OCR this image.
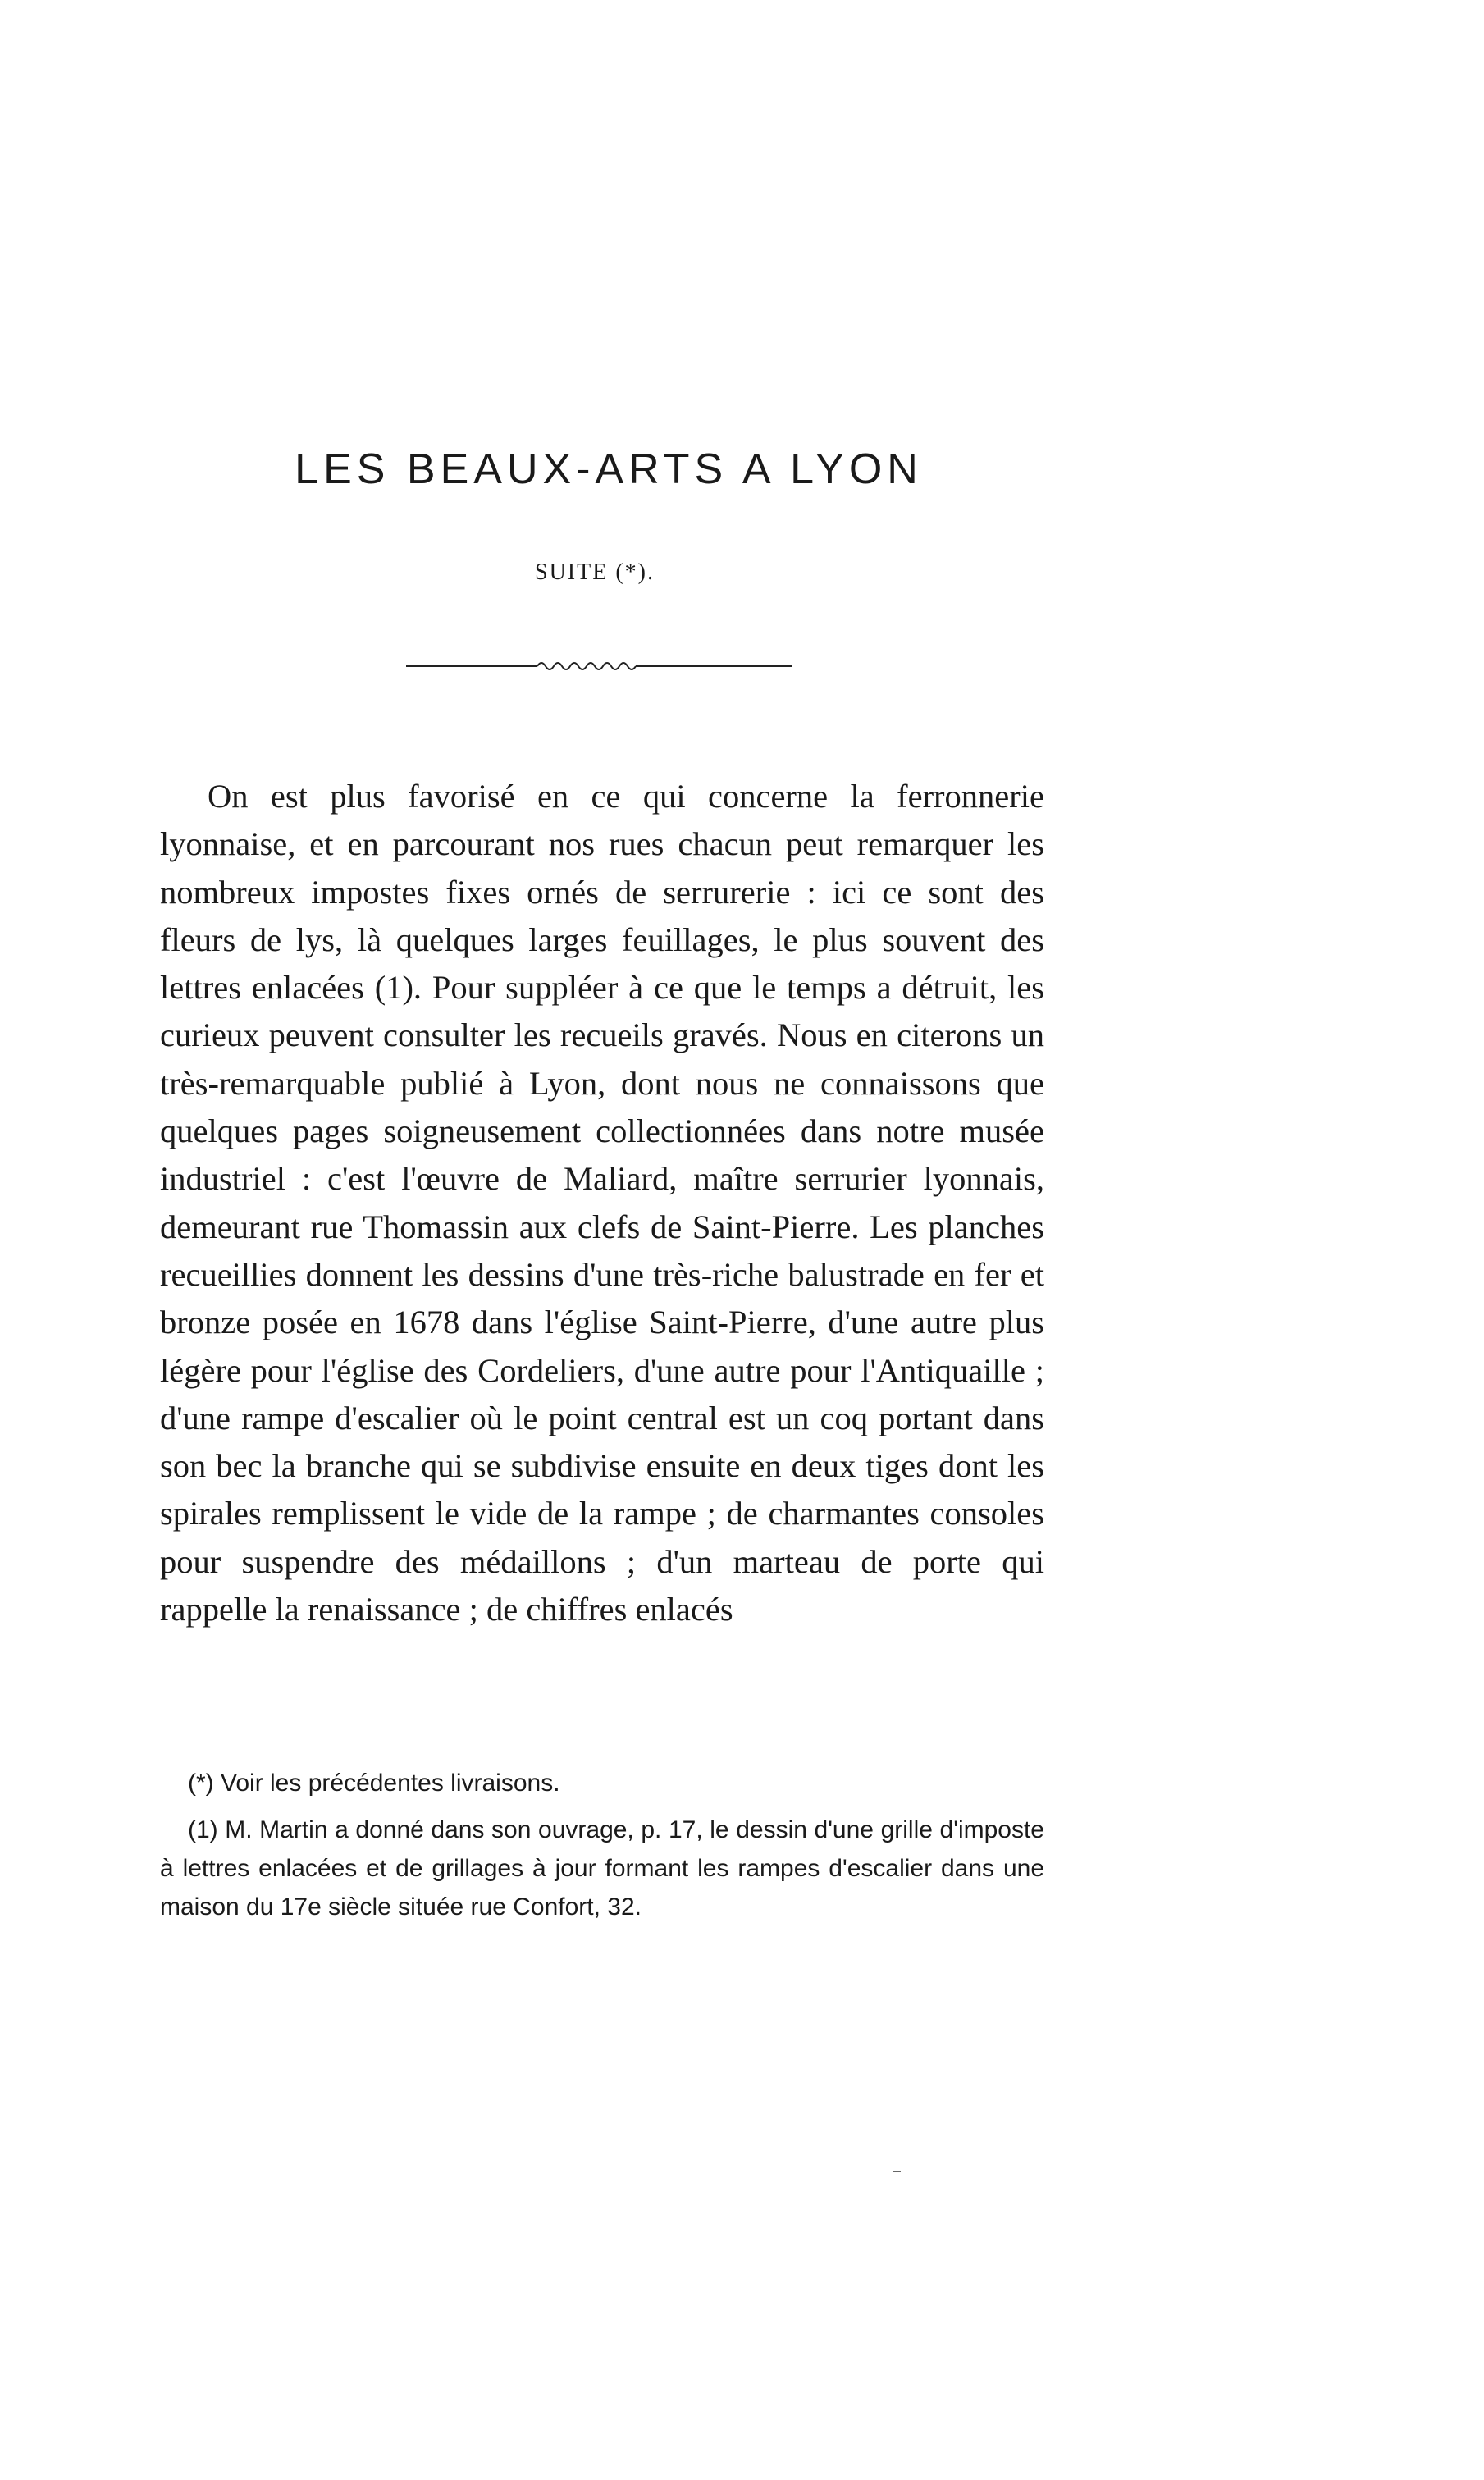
LES BEAUX-ARTS A LYON
SUITE (*).

On est plus favorisé en ce qui concerne la ferronnerie lyonnaise, et en parcourant nos rues chacun peut remarquer les nombreux impostes fixes ornés de serrurerie : ici ce sont des fleurs de lys, là quelques larges feuillages, le plus souvent des lettres enlacées (1). Pour suppléer à ce que le temps a détruit, les curieux peuvent consulter les recueils gravés. Nous en citerons un très-remarquable publié à Lyon, dont nous ne connaissons que quelques pages soigneusement collectionnées dans notre musée industriel : c'est l'œuvre de Maliard, maître serrurier lyonnais, demeurant rue Thomassin aux clefs de Saint-Pierre. Les planches recueillies donnent les dessins d'une très-riche balustrade en fer et bronze posée en 1678 dans l'église Saint-Pierre, d'une autre plus légère pour l'église des Cordeliers, d'une autre pour l'Antiquaille ; d'une rampe d'escalier où le point central est un coq portant dans son bec la branche qui se subdivise ensuite en deux tiges dont les spirales remplissent le vide de la rampe ; de charmantes consoles pour suspendre des médaillons ; d'un marteau de porte qui rappelle la renaissance ; de chiffres enlacés

(*) Voir les précédentes livraisons.

(1) M. Martin a donné dans son ouvrage, p. 17, le dessin d'une grille d'imposte à lettres enlacées et de grillages à jour formant les rampes d'escalier dans une maison du 17e siècle située rue Confort, 32.
